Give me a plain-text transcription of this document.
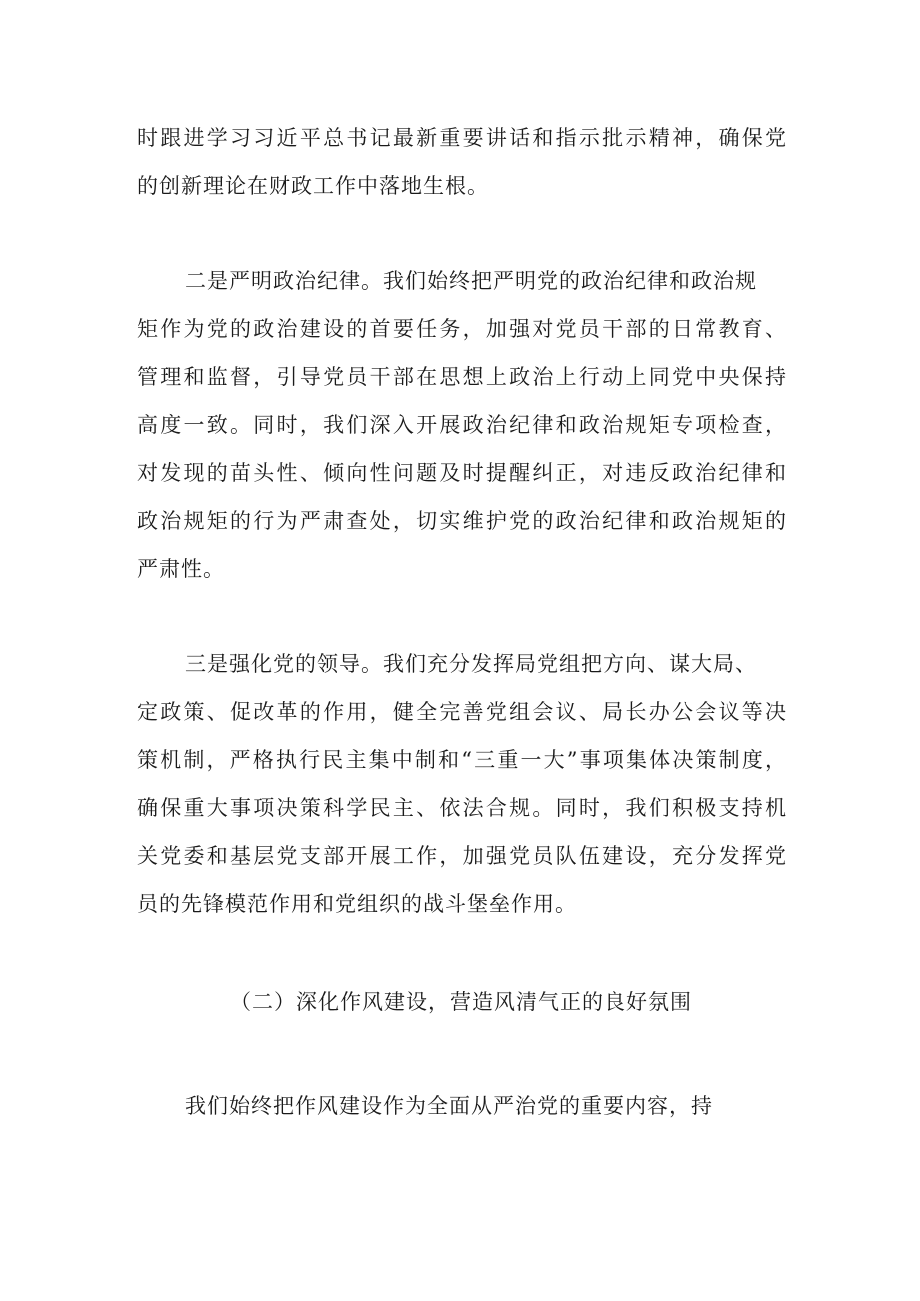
时跟进学习习近平总书记最新重要讲话和指示批示精神，确保党
的创新理论在财政工作中落地生根。
二是严明政治纪律。我们始终把严明党的政治纪律和政治规
矩作为党的政治建设的首要任务，加强对党员干部的日常教育、
管理和监督，引导党员干部在思想上政治上行动上同党中央保持
高度一致。同时，我们深入开展政治纪律和政治规矩专项检查，
对发现的苗头性、倾向性问题及时提醒纠正，对违反政治纪律和
政治规矩的行为严肃查处，切实维护党的政治纪律和政治规矩的
严肃性。
三是强化党的领导。我们充分发挥局党组把方向、谋大局、
定政策、促改革的作用，健全完善党组会议、局长办公会议等决
策机制，严格执行民主集中制和“三重一大”事项集体决策制度，
确保重大事项决策科学民主、依法合规。同时，我们积极支持机
关党委和基层党支部开展工作，加强党员队伍建设，充分发挥党
员的先锋模范作用和党组织的战斗堡垒作用。
（二）深化作风建设，营造风清气正的良好氛围
我们始终把作风建设作为全面从严治党的重要内容，持
